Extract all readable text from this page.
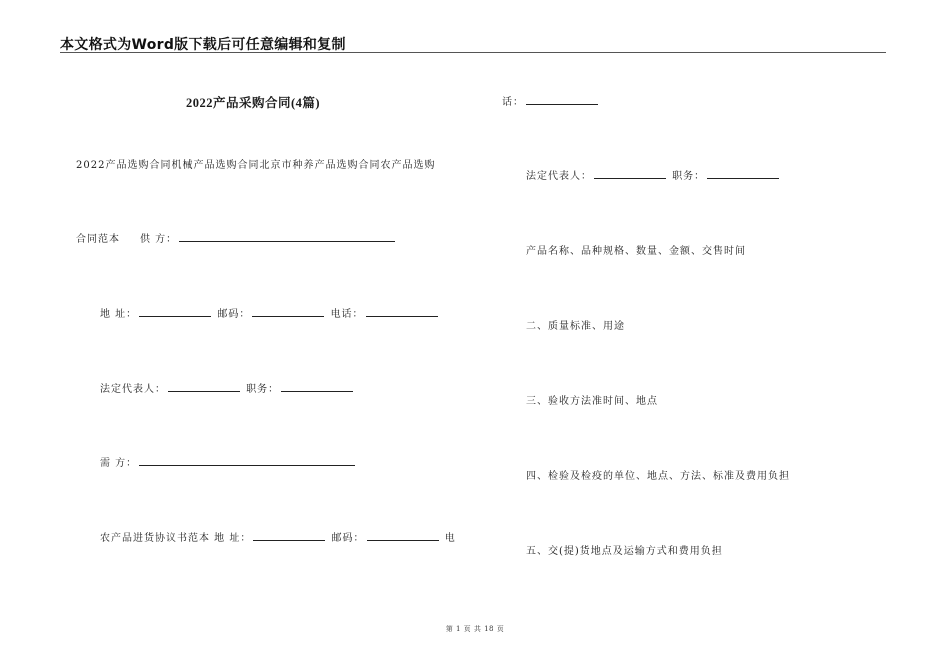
本文格式为Word版下载后可任意编辑和复制
2022产品采购合同(4篇)
2022产品选购合同机械产品选购合同北京市种养产品选购合同农产品选购
合同范本 供 方：
地 址：	邮码：	电话：
法定代表人：	职务：
需 方：
农产品进货协议书范本 地 址：	邮码：	电
话：
法定代表人：	职务：
产品名称、品种规格、数量、金额、交售时间
二、质量标准、用途
三、验收方法准时间、地点
四、检验及检疫的单位、地点、方法、标准及费用负担
五、交(提)货地点及运输方式和费用负担
第 1 页 共 18 页
